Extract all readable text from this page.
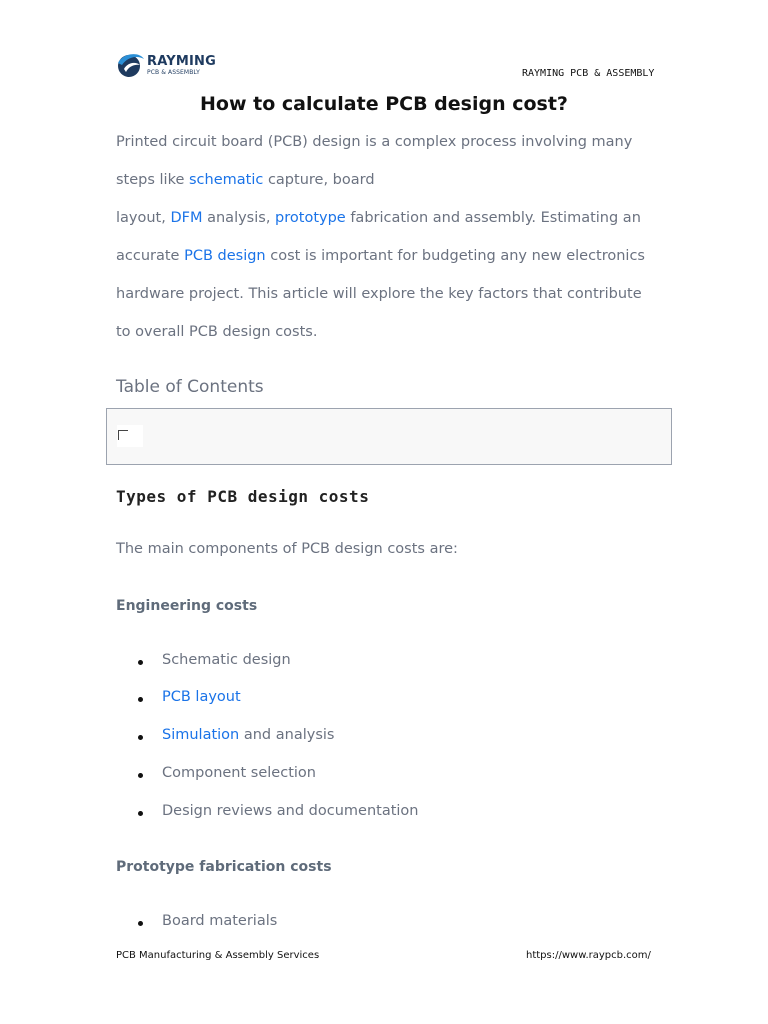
RAYMING
PCB & ASSEMBLY	RAYMING PCB & ASSEMBLY
How to calculate PCB design cost?
Printed circuit board (PCB) design is a complex process involving many
steps like schematic capture, board
layout, DFM analysis, prototype fabrication and assembly. Estimating an
accurate PCB design cost is important for budgeting any new electronics
hardware project. This article will explore the key factors that contribute
to overall PCB design costs.
Table of Contents
Types of PCB design costs
The main components of PCB design costs are:
Engineering costs
Schematic design
PCB layout
Simulation and analysis
Component selection
Design reviews and documentation
Prototype fabrication costs
Board materials
PCB Manufacturing & Assembly Services	https://www.raypcb.com/
